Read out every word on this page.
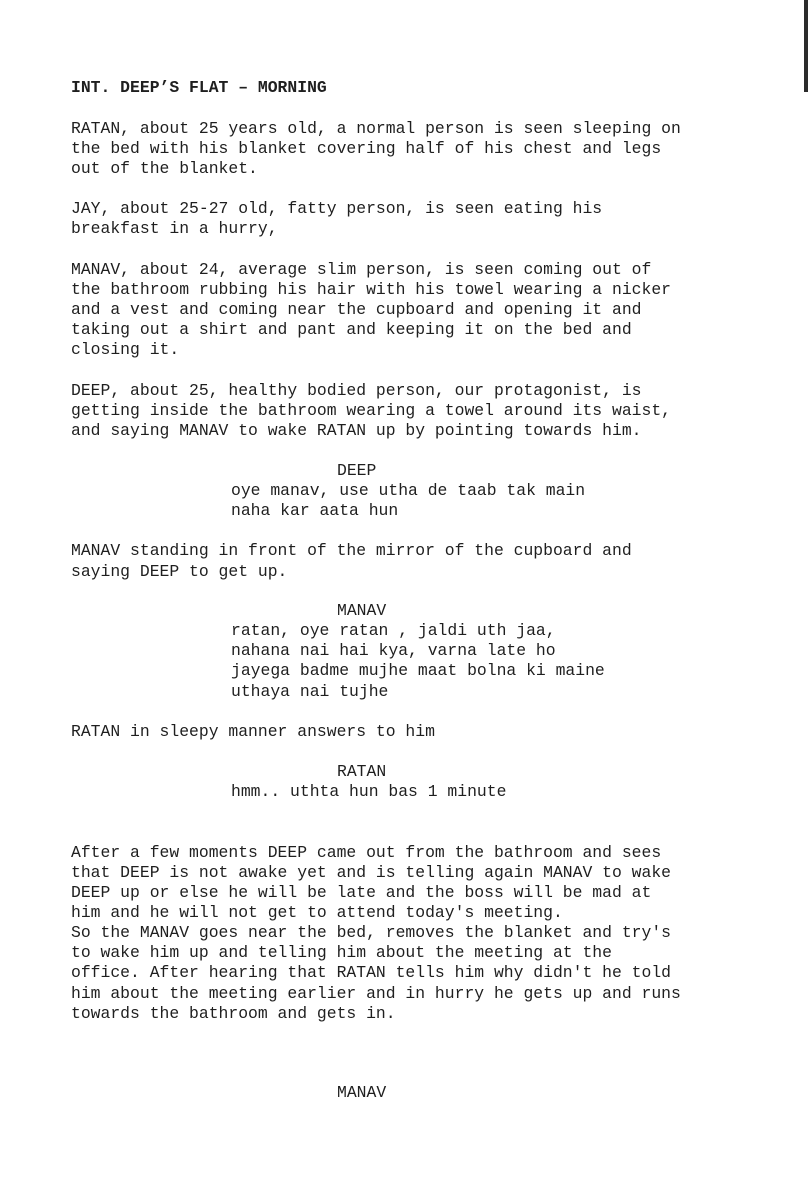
INT. DEEP’S FLAT – MORNING
RATAN, about 25 years old, a normal person is seen sleeping on
the bed with his blanket covering half of his chest and legs
out of the blanket.
JAY, about 25-27 old, fatty person, is seen eating his
breakfast in a hurry,
MANAV, about 24, average slim person, is seen coming out of
the bathroom rubbing his hair with his towel wearing a nicker
and a vest and coming near the cupboard and opening it and
taking out a shirt and pant and keeping it on the bed and
closing it.
DEEP, about 25, healthy bodied person, our protagonist, is
getting inside the bathroom wearing a towel around its waist,
and saying MANAV to wake RATAN up by pointing towards him.
DEEP
oye manav, use utha de taab tak main
naha kar aata hun
MANAV standing in front of the mirror of the cupboard and
saying DEEP to get up.
MANAV
ratan, oye ratan , jaldi uth jaa,
nahana nai hai kya, varna late ho
jayega badme mujhe maat bolna ki maine
uthaya nai tujhe
RATAN in sleepy manner answers to him
RATAN
hmm.. uthta hun bas 1 minute
After a few moments DEEP came out from the bathroom and sees
that DEEP is not awake yet and is telling again MANAV to wake
DEEP up or else he will be late and the boss will be mad at
him and he will not get to attend today's meeting.
So the MANAV goes near the bed, removes the blanket and try's
to wake him up and telling him about the meeting at the
office. After hearing that RATAN tells him why didn't he told
him about the meeting earlier and in hurry he gets up and runs
towards the bathroom and gets in.
MANAV
